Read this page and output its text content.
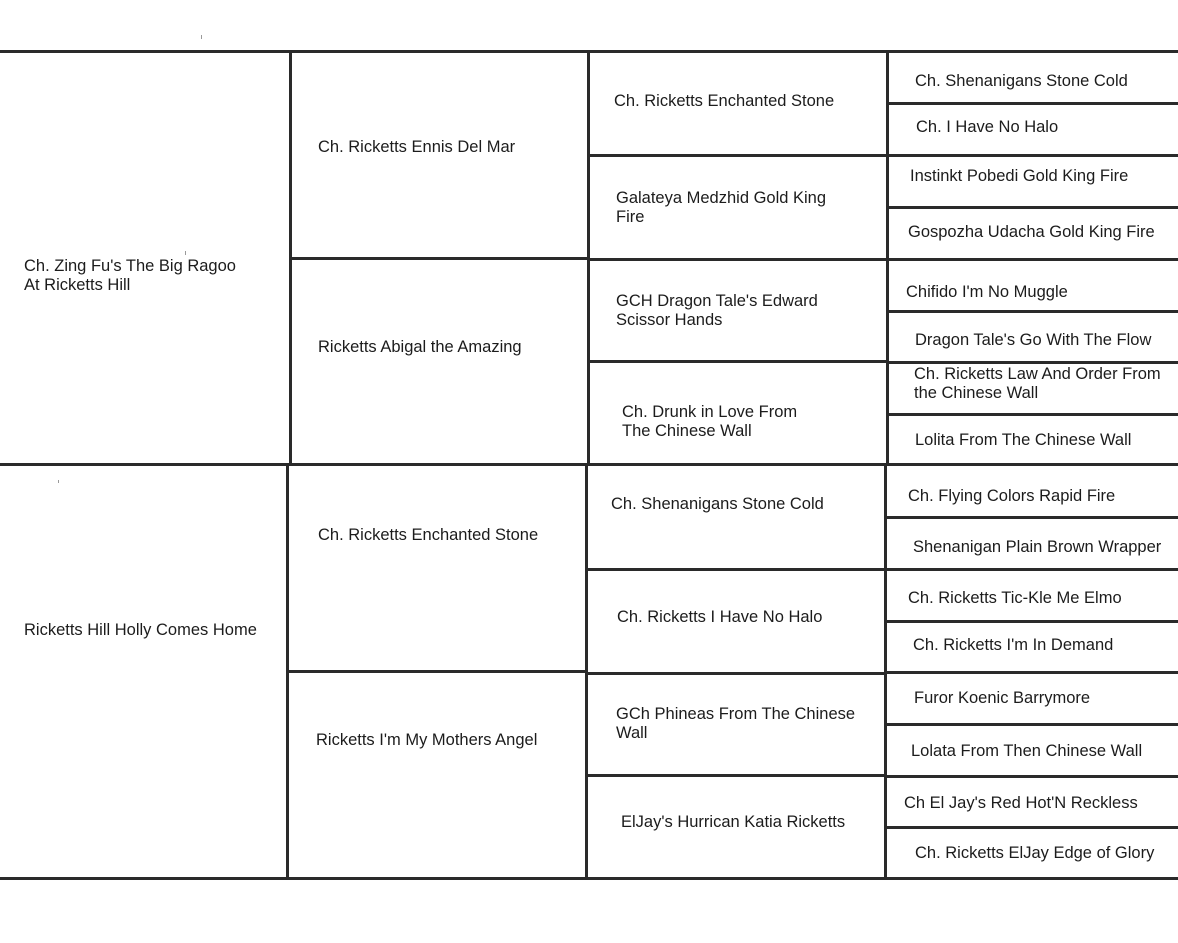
Ch. Zing Fu's The Big Ragoo
At Ricketts Hill
Ricketts Hill Holly Comes Home
Ch. Ricketts Ennis Del Mar
Ricketts Abigal the Amazing
Ch. Ricketts Enchanted Stone
Ricketts I'm My Mothers Angel
Ch. Ricketts Enchanted Stone
Galateya Medzhid Gold King
Fire
GCH Dragon Tale's Edward
Scissor Hands
Ch. Drunk in Love From
The Chinese Wall
Ch. Shenanigans Stone Cold
Ch. Ricketts I Have No Halo
GCh Phineas From The Chinese
Wall
ElJay's Hurrican Katia Ricketts
Ch. Shenanigans Stone Cold
Ch. I Have No Halo
Instinkt Pobedi Gold King Fire
Gospozha Udacha Gold King Fire
Chifido I'm No Muggle
Dragon Tale's Go With The Flow
Ch. Ricketts Law And Order From
the Chinese Wall
Lolita From The Chinese Wall
Ch. Flying Colors Rapid Fire
Shenanigan Plain Brown Wrapper
Ch. Ricketts Tic-Kle Me Elmo
Ch. Ricketts I'm In Demand
Furor Koenic Barrymore
Lolata From Then Chinese Wall
Ch El Jay's Red Hot'N Reckless
Ch. Ricketts ElJay Edge of Glory
